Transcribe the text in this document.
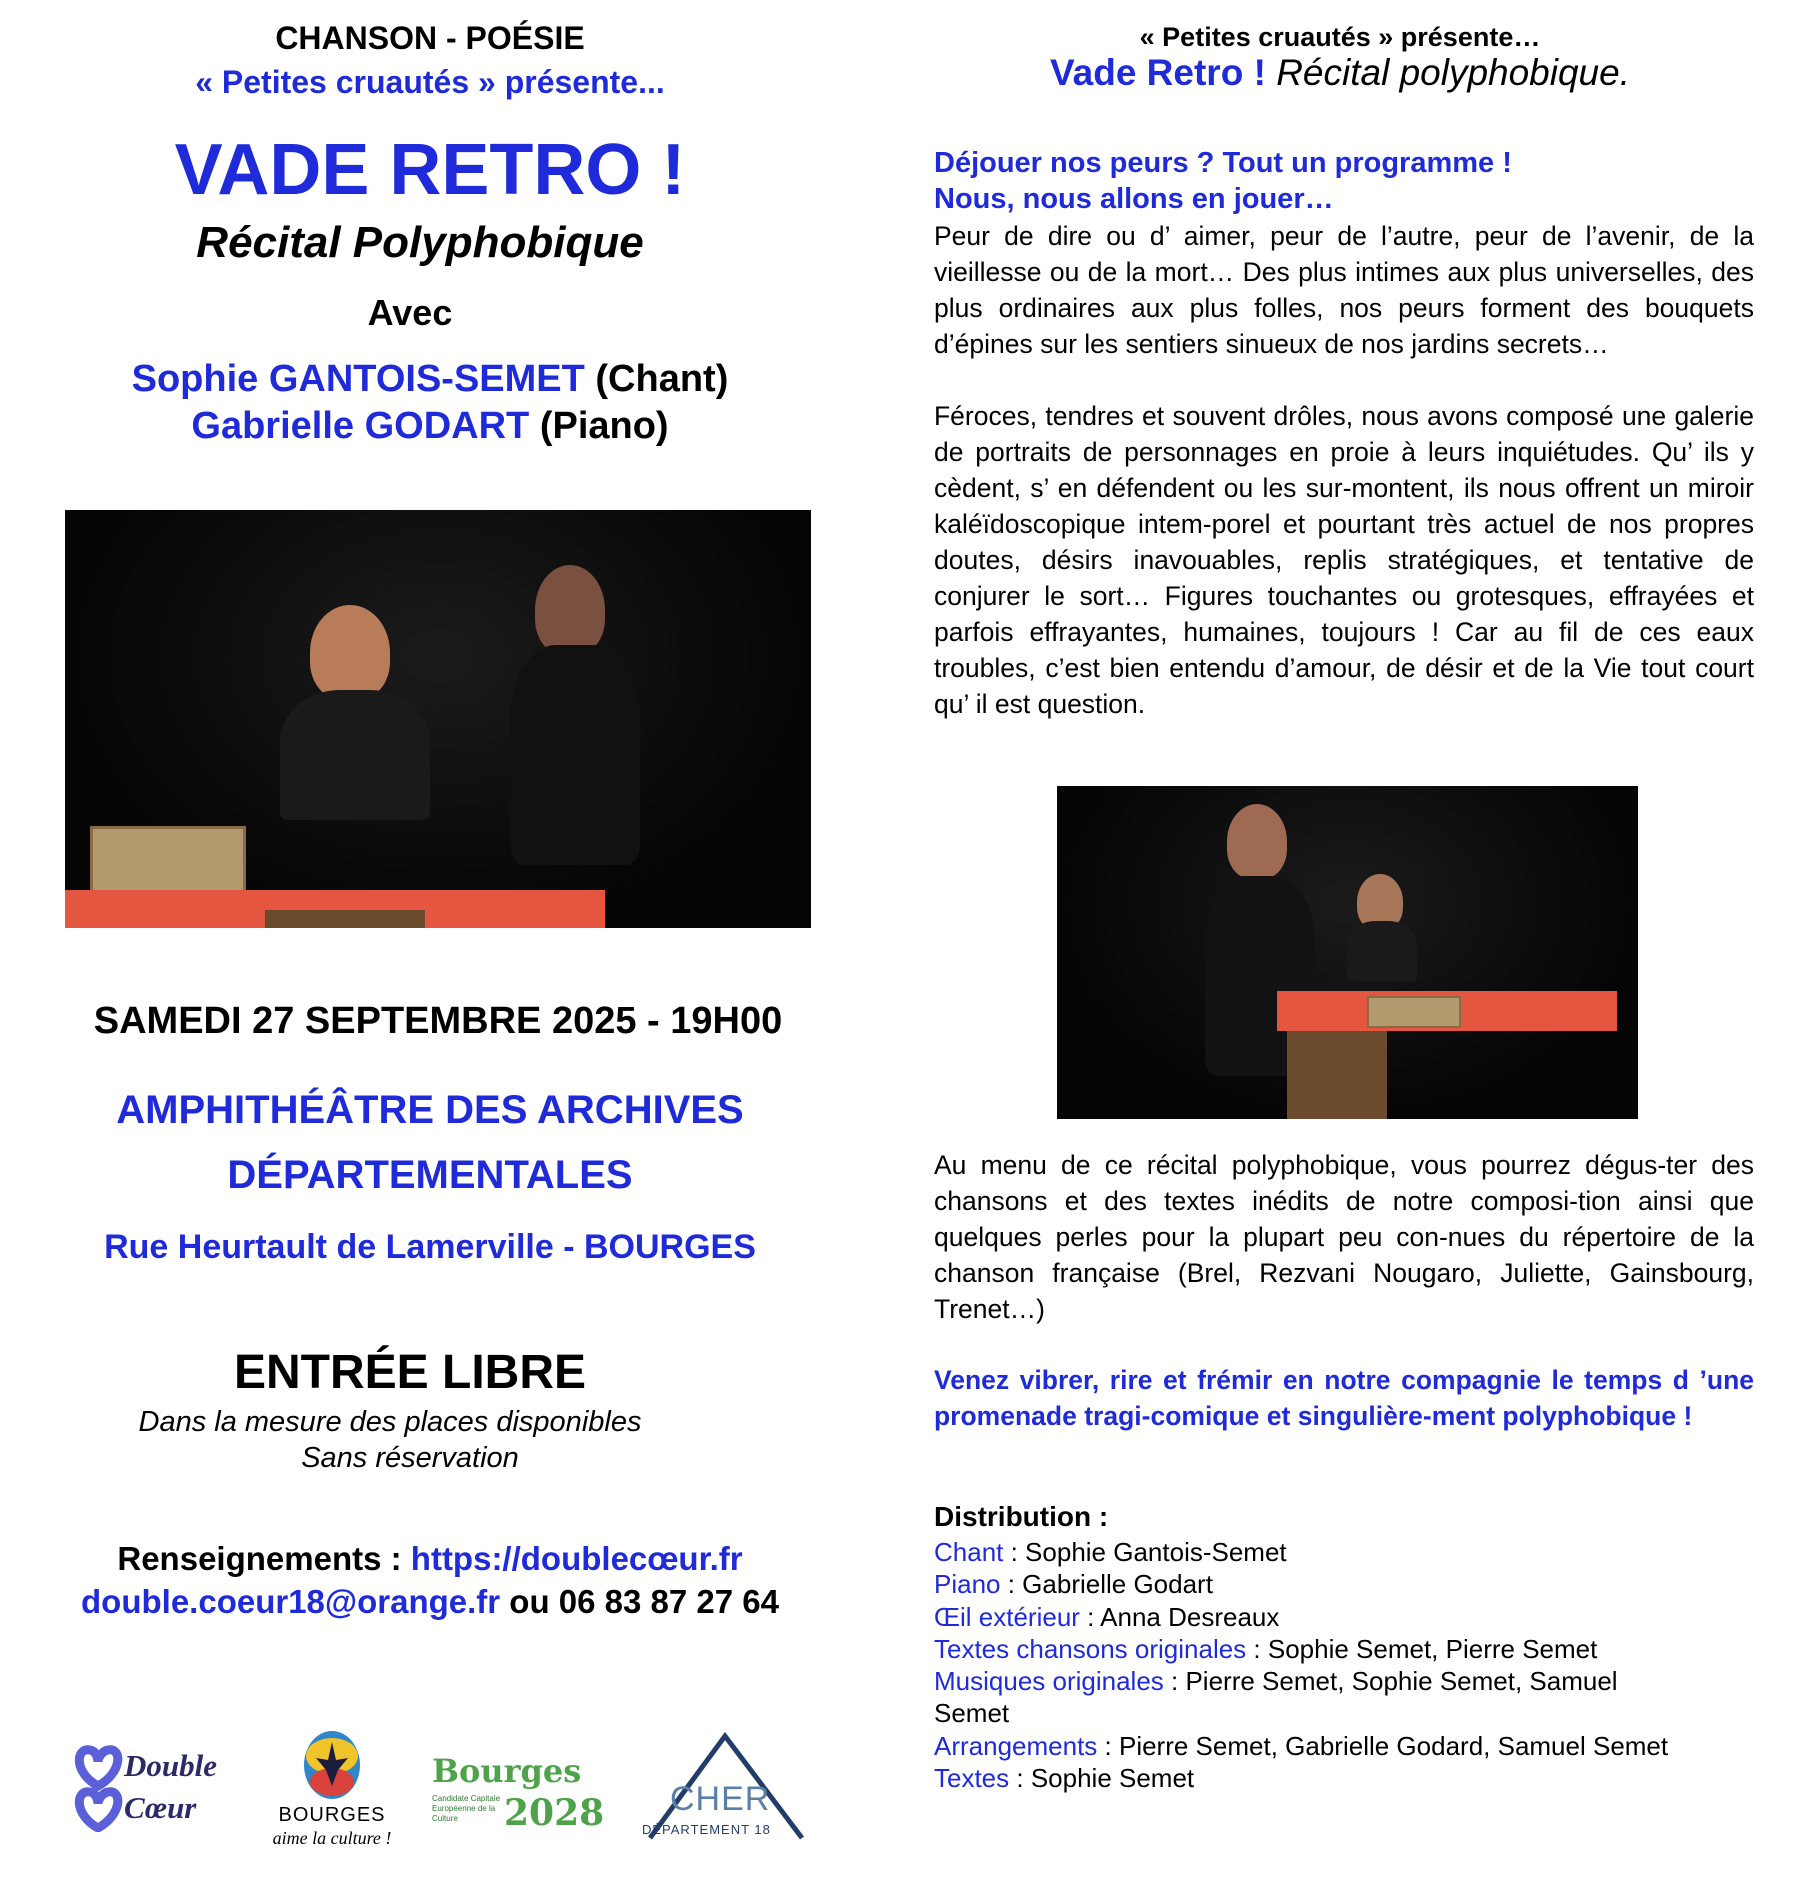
CHANSON - POÉSIE
« Petites cruautés » présente...
VADE RETRO !
Récital Polyphobique
Avec
Sophie GANTOIS-SEMET (Chant)
Gabrielle GODART (Piano)
SAMEDI 27 SEPTEMBRE 2025 - 19H00
AMPHITHÉÂTRE DES ARCHIVES
DÉPARTEMENTALES
Rue Heurtault de Lamerville - BOURGES
ENTRÉE LIBRE
Dans la mesure des places disponibles
Sans réservation
Renseignements : https://doublecœur.fr
double.coeur18@orange.fr ou 06 83 87 27 64
Double
Cœur	BOURGES
aime la culture !
Bourges
2028
Candidate Capitale Européenne de la Culture
CHER
DÉPARTEMENT 18
« Petites cruautés » présente…
Vade Retro ! Récital polyphobique.
Déjouer nos peurs ? Tout un programme !
Nous, nous allons en jouer…
Peur de dire ou d’ aimer, peur de l’autre, peur de l’avenir, de la vieillesse ou de la mort… Des plus intimes aux plus universelles, des plus ordinaires aux plus folles, nos peurs forment des bouquets d’épines sur les sentiers sinueux de nos jardins secrets…
Féroces, tendres et souvent drôles, nous avons composé une galerie de portraits de personnages en proie à leurs inquiétudes. Qu’ ils y cèdent, s’ en défendent ou les sur-montent, ils nous offrent un miroir kaléïdoscopique intem-porel et pourtant très actuel de nos propres doutes, désirs inavouables, replis stratégiques, et tentative de conjurer le sort… Figures touchantes ou grotesques, effrayées et parfois effrayantes, humaines, toujours ! Car au fil de ces eaux troubles, c’est bien entendu d’amour, de désir et de la Vie tout court qu’ il est question.
Au menu de ce récital polyphobique, vous pourrez dégus-ter des chansons et des textes inédits de notre composi-tion ainsi que quelques perles pour la plupart peu con-nues du répertoire de la chanson française (Brel, Rezvani Nougaro, Juliette, Gainsbourg, Trenet…)
Venez vibrer, rire et frémir en notre compagnie le temps d ’une promenade tragi-comique et singulière-ment polyphobique !
Distribution :
Chant : Sophie Gantois-Semet
Piano : Gabrielle Godart
Œil extérieur : Anna Desreaux
Textes chansons originales : Sophie Semet, Pierre Semet
Musiques originales : Pierre Semet, Sophie Semet, Samuel
Semet
Arrangements : Pierre Semet, Gabrielle Godard, Samuel Semet
Textes : Sophie Semet
